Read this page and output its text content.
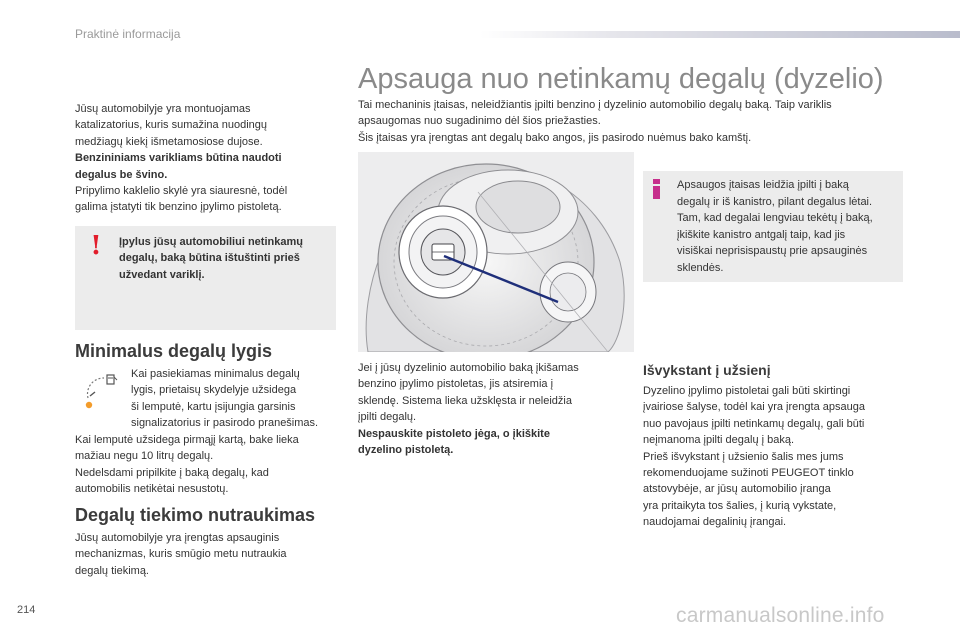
Praktinė informacija
214	carmanualsonline.info

Jūsų automobilyje yra montuojamas

katalizatorius, kuris sumažina nuodingų

medžiagų kiekį išmetamosiose dujose.

Benzininiams varikliams būtina naudoti

degalus be švino.

Pripylimo kaklelio skylė yra siauresnė, todėl

galima įstatyti tik benzino įpylimo pistoletą.

! Įpylus jūsų automobiliui netinkamų
degalų, baką būtina ištuštinti prieš
užvedant variklį.
Minimalus degalų lygis

Kai pasiekiamas minimalus degalų

lygis, prietaisų skydelyje užsidega

ši lemputė, kartu įsijungia garsinis

signalizatorius ir pasirodo pranešimas.

Kai lemputė užsidega pirmąjį kartą, bake lieka

mažiau negu 10 litrų degalų.

Nedelsdami pripilkite į baką degalų, kad

automobilis netikėtai nesustotų.

Degalų tiekimo nutraukimas

Jūsų automobilyje yra įrengtas apsauginis

mechanizmas, kuris smūgio metu nutraukia

degalų tiekimą.

Apsauga nuo netinkamų degalų (dyzelio)

Tai mechaninis įtaisas, neleidžiantis įpilti benzino į dyzelinio automobilio degalų baką. Taip variklis

apsaugomas nuo sugadinimo dėl šios priežasties.

Šis įtaisas yra įrengtas ant degalų bako angos, jis pasirodo nuėmus bako kamštį.

Apsaugos įtaisas leidžia įpilti į baką
degalų ir iš kanistro, pilant degalus lėtai.
Tam, kad degalai lengviau tekėtų į baką,
įkiškite kanistro antgalį taip, kad jis
visiškai neprisispaustų prie apsauginės
sklendės.

Jei į jūsų dyzelinio automobilio baką įkišamas

benzino įpylimo pistoletas, jis atsiremia į

sklendę. Sistema lieka užsklęsta ir neleidžia

įpilti degalų.

Nespauskite pistoleto jėga, o įkiškite

dyzelino pistoletą.

Išvykstant į užsienį

Dyzelino įpylimo pistoletai gali būti skirtingi

įvairiose šalyse, todėl kai yra įrengta apsauga

nuo pavojaus įpilti netinkamų degalų, gali būti

neįmanoma įpilti degalų į baką.

Prieš išvykstant į užsienio šalis mes jums

rekomenduojame sužinoti PEUGEOT tinklo

atstovybėje, ar jūsų automobilio įranga

yra pritaikyta tos šalies, į kurią vykstate,

naudojamai degalinių įrangai.
